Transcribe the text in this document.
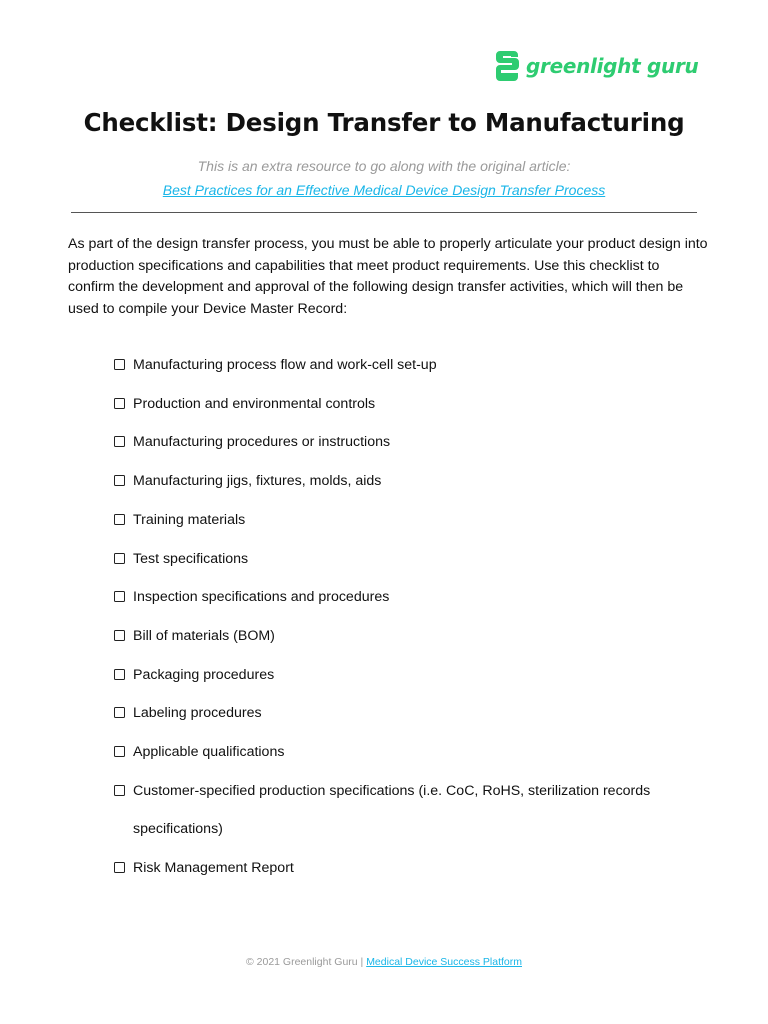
greenlight guru
Checklist: Design Transfer to Manufacturing
This is an extra resource to go along with the original article:
Best Practices for an Effective Medical Device Design Transfer Process

As part of the design transfer process, you must be able to properly articulate your product design into production specifications and capabilities that meet product requirements. Use this checklist to confirm the development and approval of the following design transfer activities, which will then be used to compile your Device Master Record:

Manufacturing process flow and work-cell set-up
Production and environmental controls
Manufacturing procedures or instructions
Manufacturing jigs, fixtures, molds, aids
Training materials
Test specifications
Inspection specifications and procedures
Bill of materials (BOM)
Packaging procedures
Labeling procedures
Applicable qualifications
Customer-specified production specifications (i.e. CoC, RoHS, sterilization records specifications)
Risk Management Report
© 2021 Greenlight Guru | Medical Device Success Platform
